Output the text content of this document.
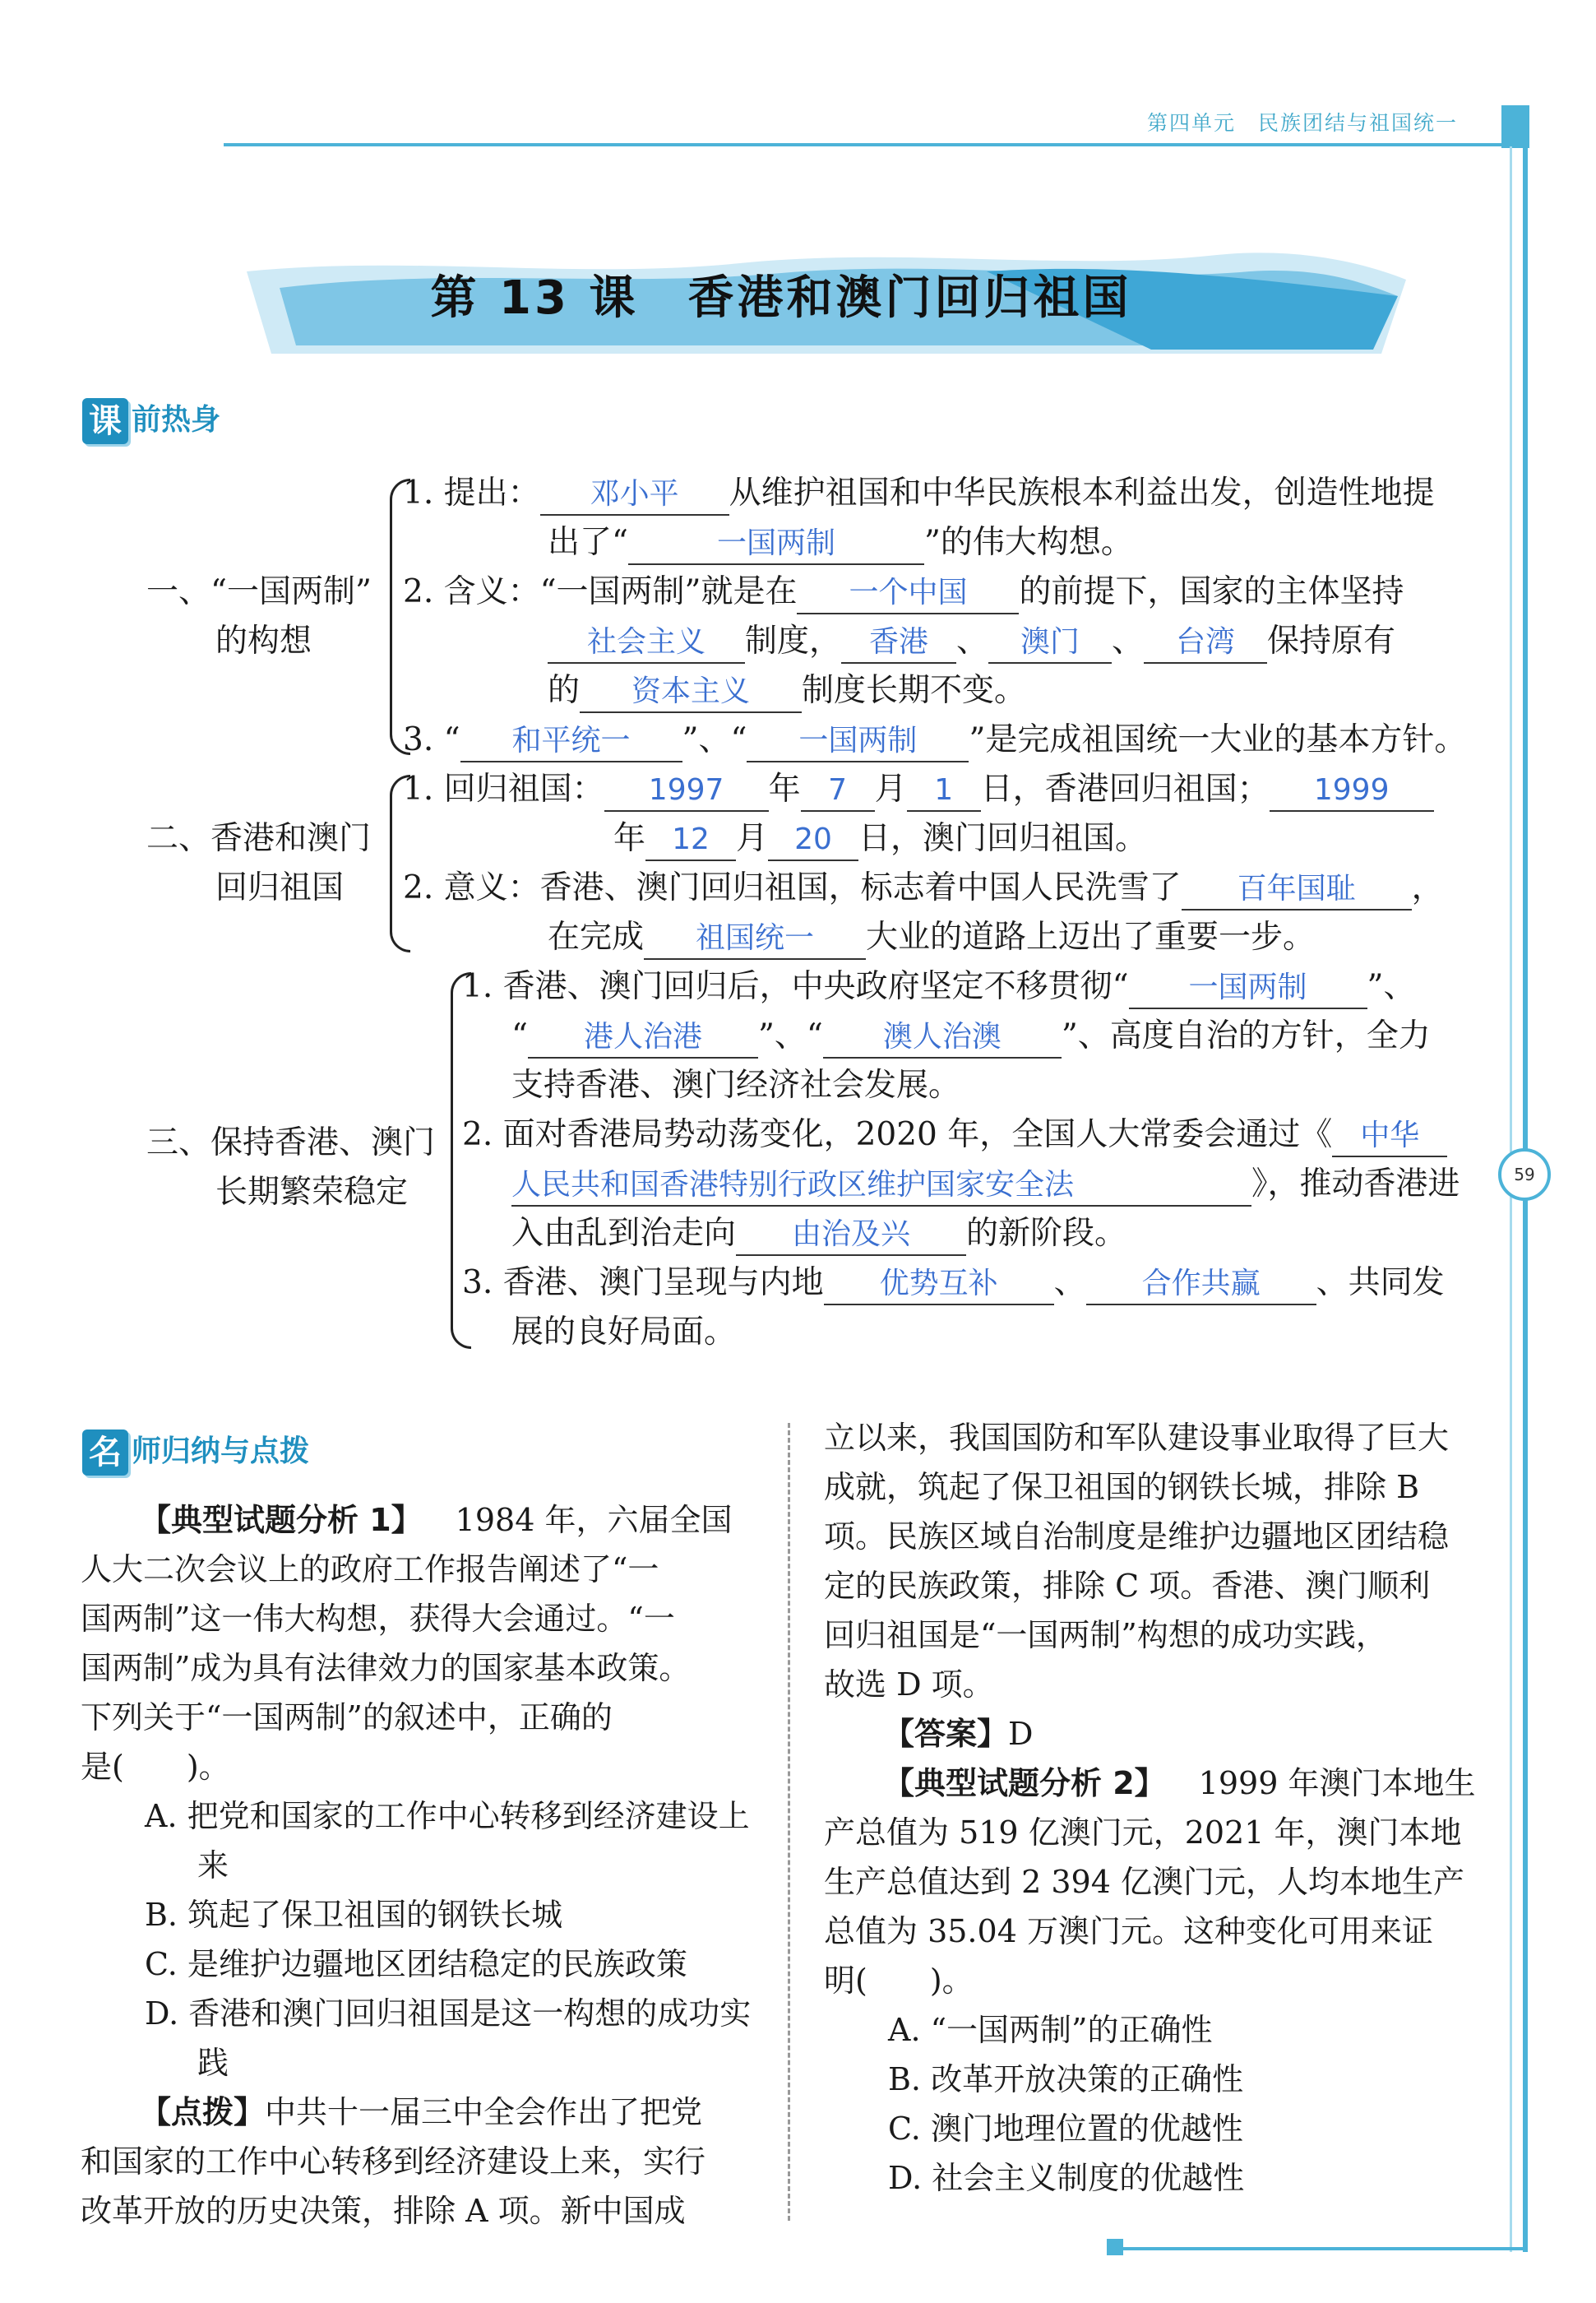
第四单元　民族团结与祖国统一
59
第 13 课　香港和澳门回归祖国
课 前热身
一、“一国两制”
的构想
1. 提出： 邓小平 从维护祖国和中华民族根本利益出发，创造性地提
出了“	一国两制	”的伟大构想。
2. 含义：“一国两制”就是在 一个中国 的前提下，国家的主体坚持
社会主义 制度， 香港 、 澳门 、 台湾 保持原有
的 资本主义 制度长期不变。
3. “ 和平统一 ”、“ 一国两制 ”是完成祖国统一大业的基本方针。
二、香港和澳门
回归祖国
1. 回归祖国： 1997 年 7 月 1 日，香港回归祖国； 1999
年 12 月 20 日，澳门回归祖国。
2. 意义：香港、澳门回归祖国，标志着中国人民洗雪了 百年国耻 ，
在完成 祖国统一 大业的道路上迈出了重要一步。
三、保持香港、澳门
长期繁荣稳定
1. 香港、澳门回归后，中央政府坚定不移贯彻“ 一国两制 ”、
“ 港人治港 ”、“ 澳人治澳 ”、高度自治的方针，全力
支持香港、澳门经济社会发展。
2. 面对香港局势动荡变化，2020 年，全国人大常委会通过《 中华
人民共和国香港特别行政区维护国家安全法	》，推动香港进
入由乱到治走向 由治及兴 的新阶段。
3. 香港、澳门呈现与内地 优势互补 、 合作共赢 、共同发
展的良好局面。
名 师归纳与点拨

【典型试题分析 1】 1984 年，六届全国

人大二次会议上的政府工作报告阐述了“一

国两制”这一伟大构想，获得大会通过。“一

国两制”成为具有法律效力的国家基本政策。

下列关于“一国两制”的叙述中，正确的

是(　　)。

A. 把党和国家的工作中心转移到经济建设上来

B. 筑起了保卫祖国的钢铁长城

C. 是维护边疆地区团结稳定的民族政策

D. 香港和澳门回归祖国是这一构想的成功实践

【点拨】中共十一届三中全会作出了把党

和国家的工作中心转移到经济建设上来，实行

改革开放的历史决策，排除 A 项。新中国成

立以来，我国国防和军队建设事业取得了巨大

成就，筑起了保卫祖国的钢铁长城，排除 B

项。民族区域自治制度是维护边疆地区团结稳

定的民族政策，排除 C 项。香港、澳门顺利

回归祖国是“一国两制”构想的成功实践，

故选 D 项。

【答案】D

【典型试题分析 2】 1999 年澳门本地生

产总值为 519 亿澳门元，2021 年，澳门本地

生产总值达到 2 394 亿澳门元，人均本地生产

总值为 35.04 万澳门元。这种变化可用来证

明(　　)。

A. “一国两制”的正确性

B. 改革开放决策的正确性

C. 澳门地理位置的优越性

D. 社会主义制度的优越性
